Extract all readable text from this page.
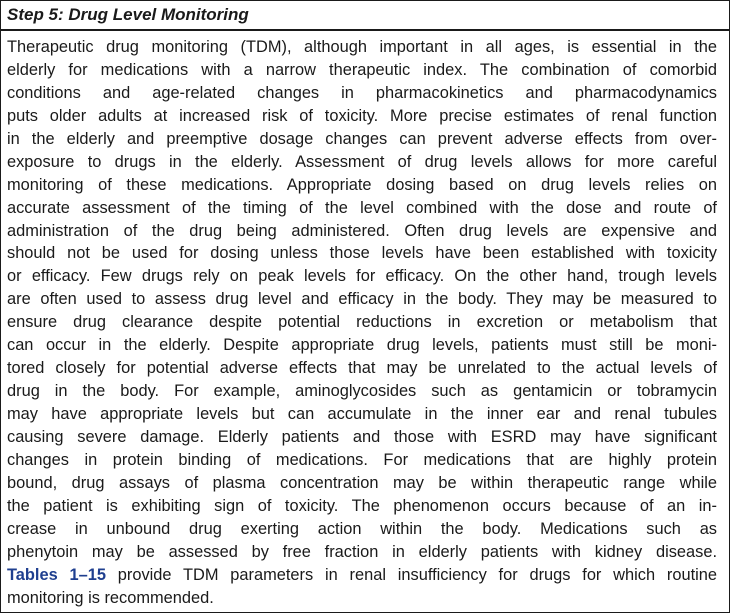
Step 5: Drug Level Monitoring
Therapeutic drug monitoring (TDM), although important in all ages, is essential in the
elderly for medications with a narrow therapeutic index. The combination of comorbid
conditions and age-related changes in pharmacokinetics and pharmacodynamics
puts older adults at increased risk of toxicity. More precise estimates of renal function
in the elderly and preemptive dosage changes can prevent adverse effects from over-
exposure to drugs in the elderly. Assessment of drug levels allows for more careful
monitoring of these medications. Appropriate dosing based on drug levels relies on
accurate assessment of the timing of the level combined with the dose and route of
administration of the drug being administered. Often drug levels are expensive and
should not be used for dosing unless those levels have been established with toxicity
or efficacy. Few drugs rely on peak levels for efficacy. On the other hand, trough levels
are often used to assess drug level and efficacy in the body. They may be measured to
ensure drug clearance despite potential reductions in excretion or metabolism that
can occur in the elderly. Despite appropriate drug levels, patients must still be moni-
tored closely for potential adverse effects that may be unrelated to the actual levels of
drug in the body. For example, aminoglycosides such as gentamicin or tobramycin
may have appropriate levels but can accumulate in the inner ear and renal tubules
causing severe damage. Elderly patients and those with ESRD may have significant
changes in protein binding of medications. For medications that are highly protein
bound, drug assays of plasma concentration may be within therapeutic range while
the patient is exhibiting sign of toxicity. The phenomenon occurs because of an in-
crease in unbound drug exerting action within the body. Medications such as
phenytoin may be assessed by free fraction in elderly patients with kidney disease.
Tables 1–15 provide TDM parameters in renal insufficiency for drugs for which routine
monitoring is recommended.
